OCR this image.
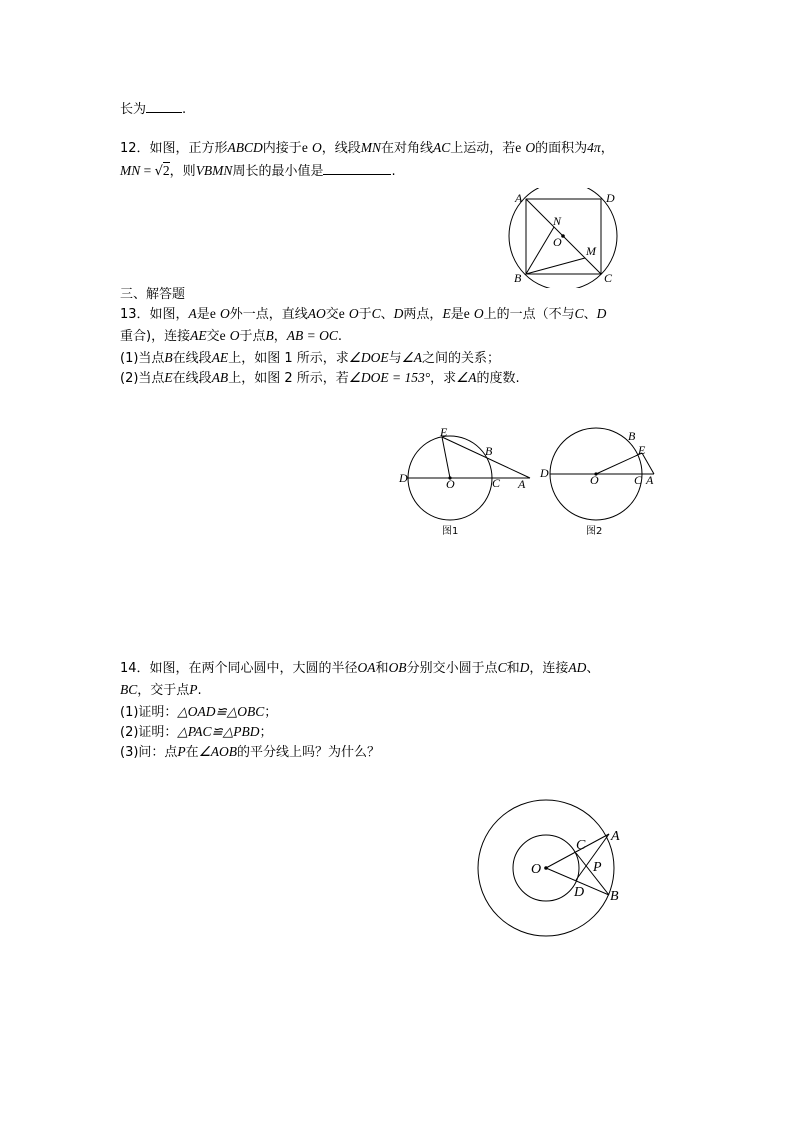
长为	.
12．如图，正方形ABCD内接于e O，线段MN在对角线AC上运动，若e O的面积为4π，
MN = √2，则VBMN周长的最小值是	.
A	D
N
O
M
B	C
三、解答题
13．如图，A是e O外一点，直线AO交e O于C、D两点，E是e O上的一点（不与C、D
重合)，连接AE交e O于点B，AB = OC.
(1)当点B在线段AE上，如图 1 所示，求∠DOE与∠A之间的关系；
(2)当点E在线段AB上，如图 2 所示，若∠DOE = 153°，求∠A的度数.
E
B
D	O	C A
图1
B
E
D	O	C A
图2
14．如图，在两个同心圆中，大圆的半径OA和OB分别交小圆于点C和D，连接AD、
BC，交于点P.
(1)证明：△OAD≌△OBC；
(2)证明：△PAC≌△PBD；
(3)问：点P在∠AOB的平分线上吗？为什么？
O
C
A
P
D B
